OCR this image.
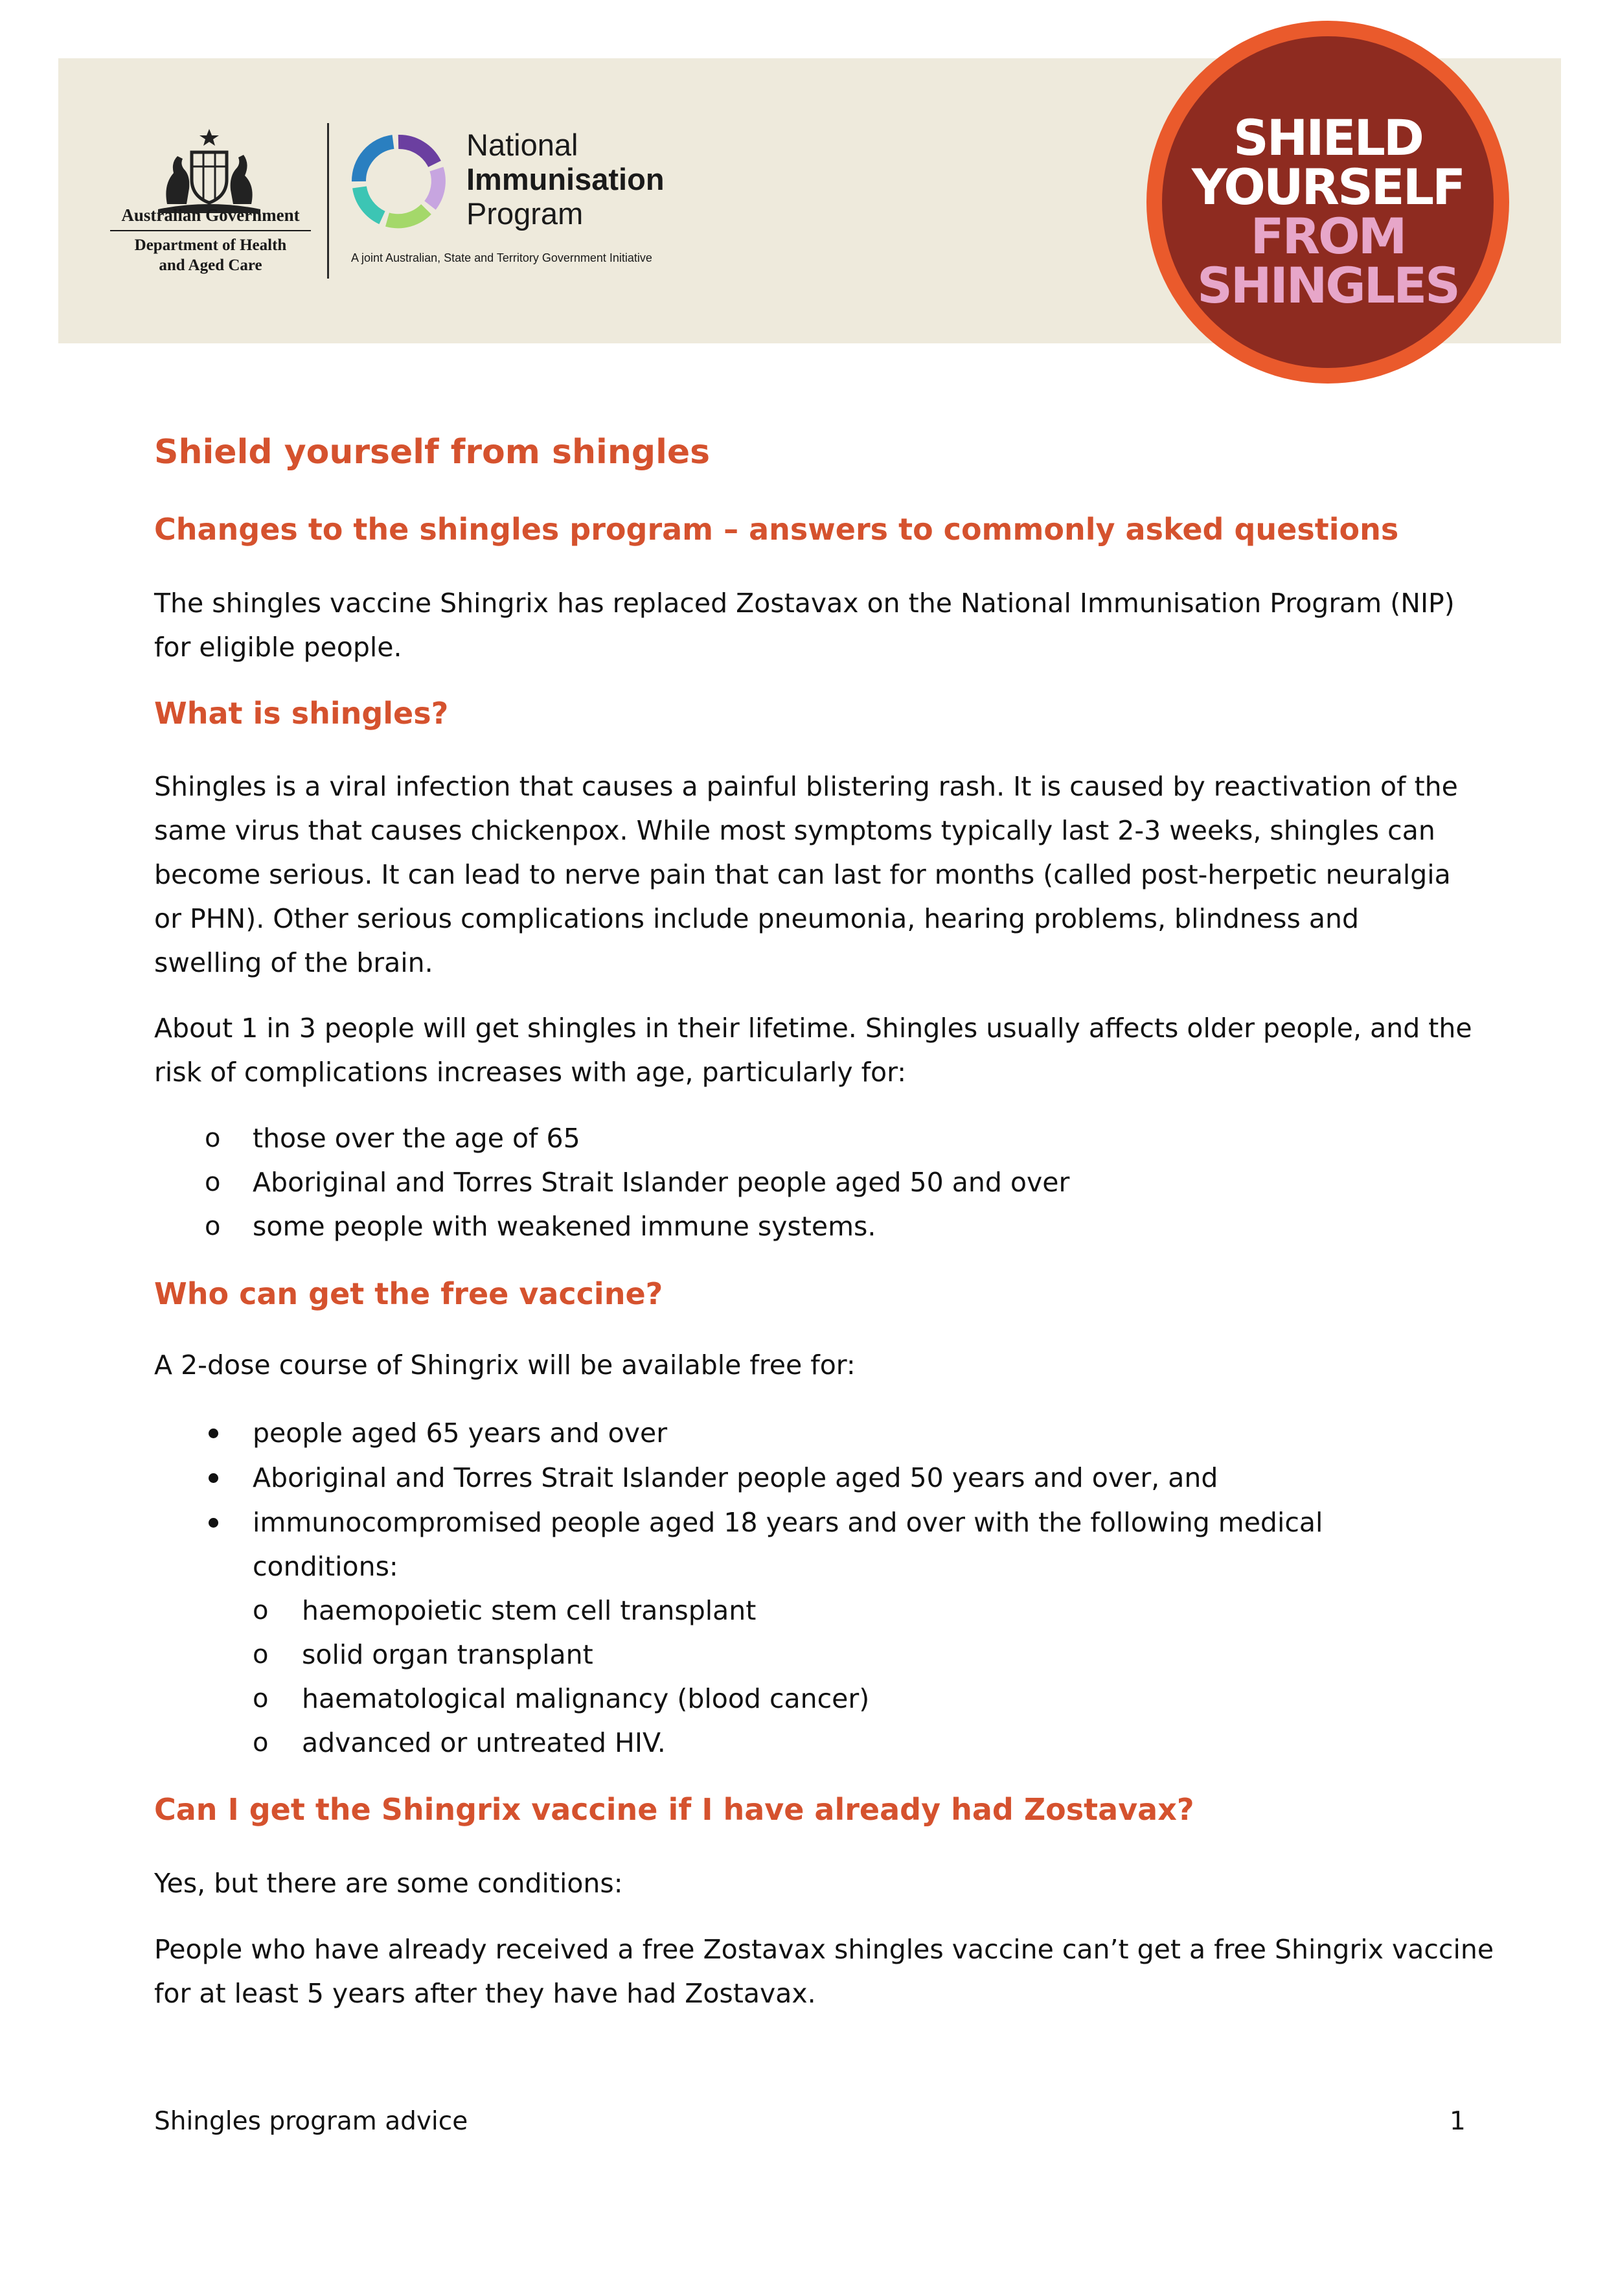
Australian Government
Department of Health
and Aged Care
National
Immunisation
Program
A joint Australian, State and Territory Government Initiative
SHIELD
YOURSELF
FROM
SHINGLES
Shield yourself from shingles
Changes to the shingles program – answers to commonly asked questions
The shingles vaccine Shingrix has replaced Zostavax on the National Immunisation Program (NIP)
for eligible people.
What is shingles?
Shingles is a viral infection that causes a painful blistering rash. It is caused by reactivation of the
same virus that causes chickenpox. While most symptoms typically last 2-3 weeks, shingles can
become serious. It can lead to nerve pain that can last for months (called post-herpetic neuralgia
or PHN). Other serious complications include pneumonia, hearing problems, blindness and
swelling of the brain.
About 1 in 3 people will get shingles in their lifetime. Shingles usually affects older people, and the
risk of complications increases with age, particularly for:
o those over the age of 65
o Aboriginal and Torres Strait Islander people aged 50 and over
o some people with weakened immune systems.
Who can get the free vaccine?
A 2-dose course of Shingrix will be available free for:
people aged 65 years and over
Aboriginal and Torres Strait Islander people aged 50 years and over, and
immunocompromised people aged 18 years and over with the following medical
conditions:
o haemopoietic stem cell transplant
o solid organ transplant
o haematological malignancy (blood cancer)
o advanced or untreated HIV.
Can I get the Shingrix vaccine if I have already had Zostavax?
Yes, but there are some conditions:
People who have already received a free Zostavax shingles vaccine can’t get a free Shingrix vaccine
for at least 5 years after they have had Zostavax.
Shingles program advice	1
